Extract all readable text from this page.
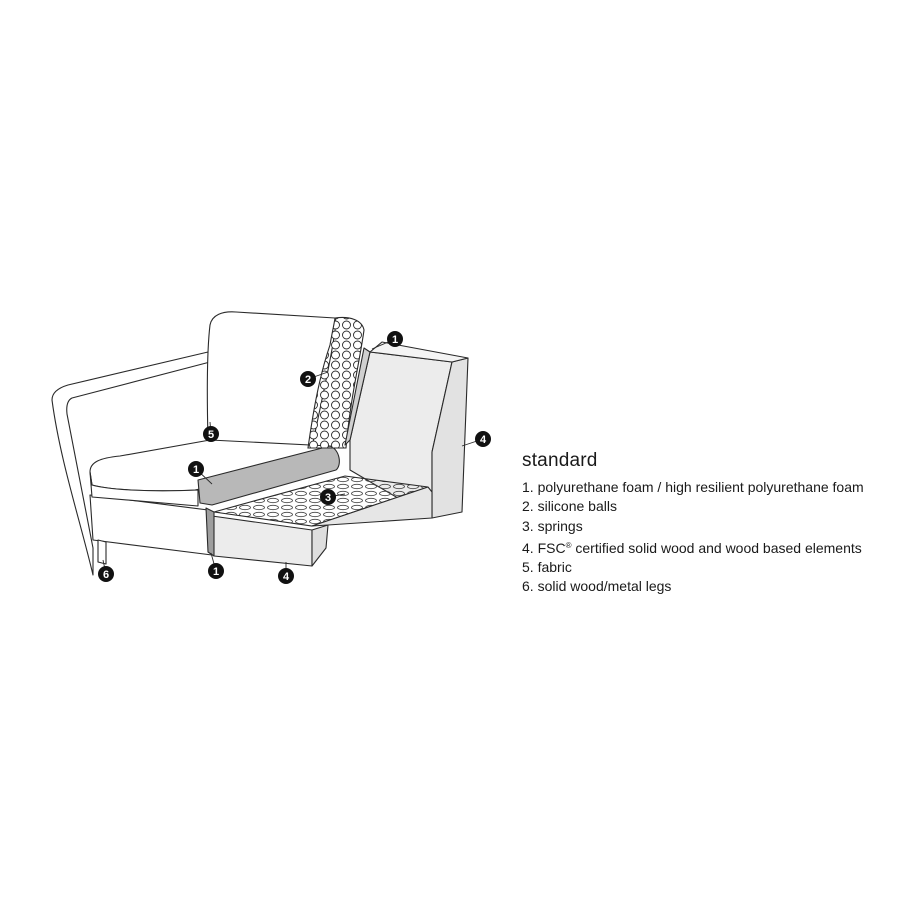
1
2
5
1
3
4
4
6	1
standard
1. polyurethane foam / high resilient polyurethane foam
2. silicone balls
3. springs
4. FSC® certified solid wood and wood based elements
5. fabric
6. solid wood/metal legs
